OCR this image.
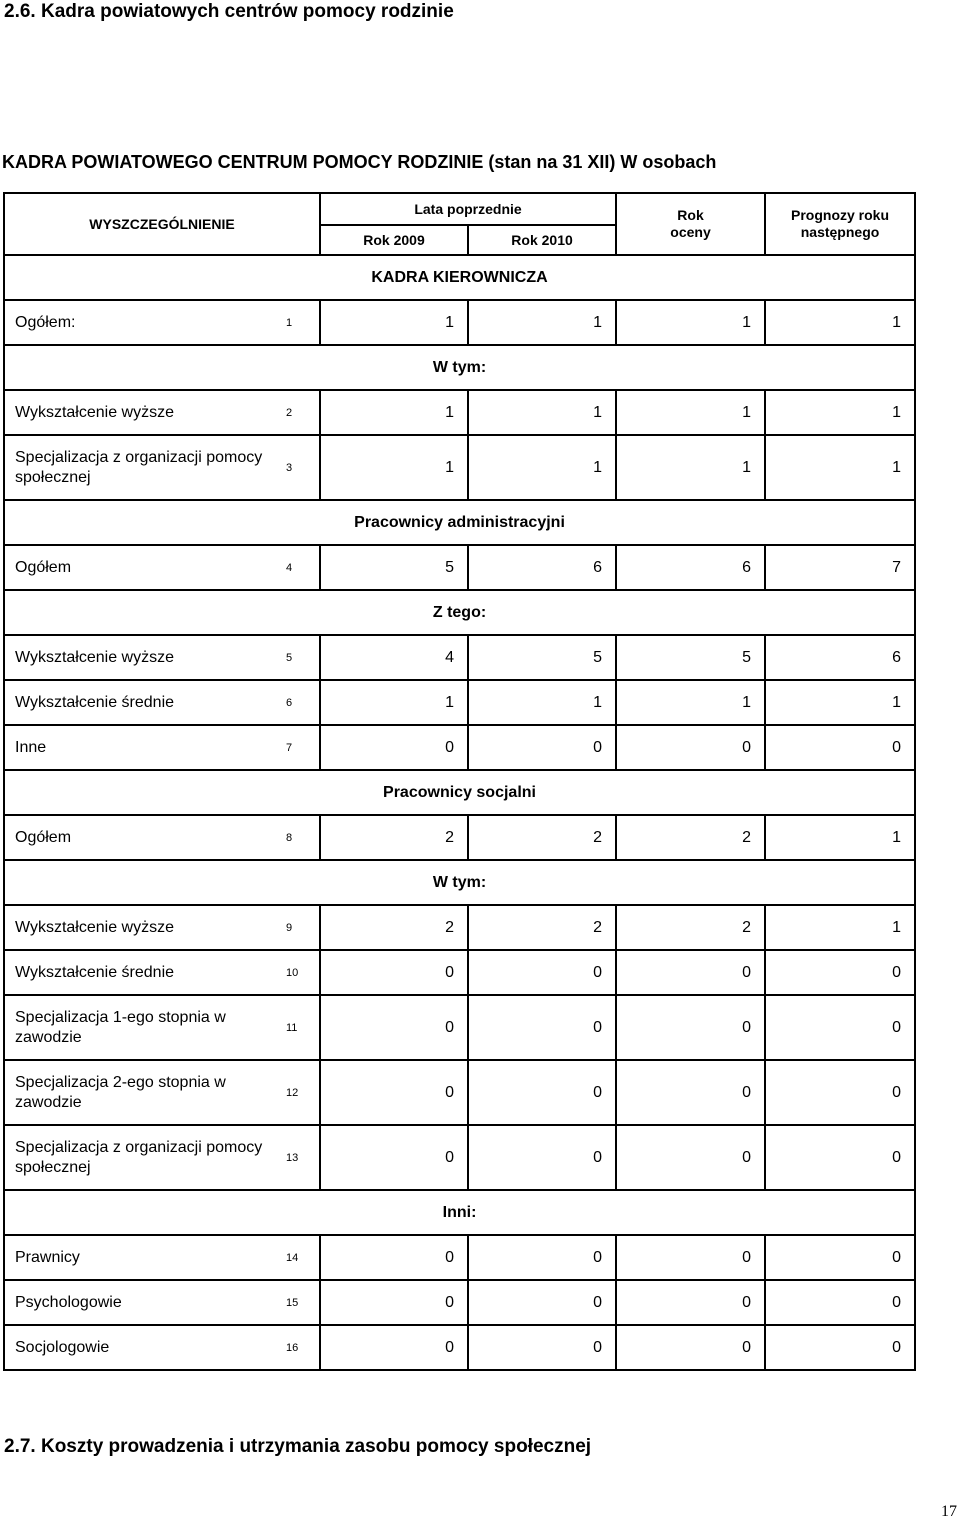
2.6. Kadra powiatowych centrów pomocy rodzinie
KADRA POWIATOWEGO CENTRUM POMOCY RODZINIE (stan na 31 XII) W osobach
WYSZCZEGÓLNIENIE		Lata poprzednie		Rok oceny	Prognozy roku następnego
		Rok 2009	Rok 2010		
KADRA KIEROWNICZA					
Ogółem:	1	1	1	1	1
W tym:					
Wykształcenie wyższe	2	1	1	1	1
Specjalizacja z organizacji pomocy społecznej	3	1	1	1	1
Pracownicy administracyjni					
Ogółem	4	5	6	6	7
Z tego:					
Wykształcenie wyższe	5	4	5	5	6
Wykształcenie średnie	6	1	1	1	1
Inne	7	0	0	0	0
Pracownicy socjalni					
Ogółem	8	2	2	2	1
W tym:					
Wykształcenie wyższe	9	2	2	2	1
Wykształcenie średnie	10	0	0	0	0
Specjalizacja 1-ego stopnia w zawodzie	11	0	0	0	0
Specjalizacja 2-ego stopnia w zawodzie	12	0	0	0	0
Specjalizacja z organizacji pomocy społecznej	13	0	0	0	0
Inni:					
Prawnicy	14	0	0	0	0
Psychologowie	15	0	0	0	0
Socjologowie	16	0	0	0	0
2.7. Koszty prowadzenia i utrzymania zasobu pomocy społecznej
17
